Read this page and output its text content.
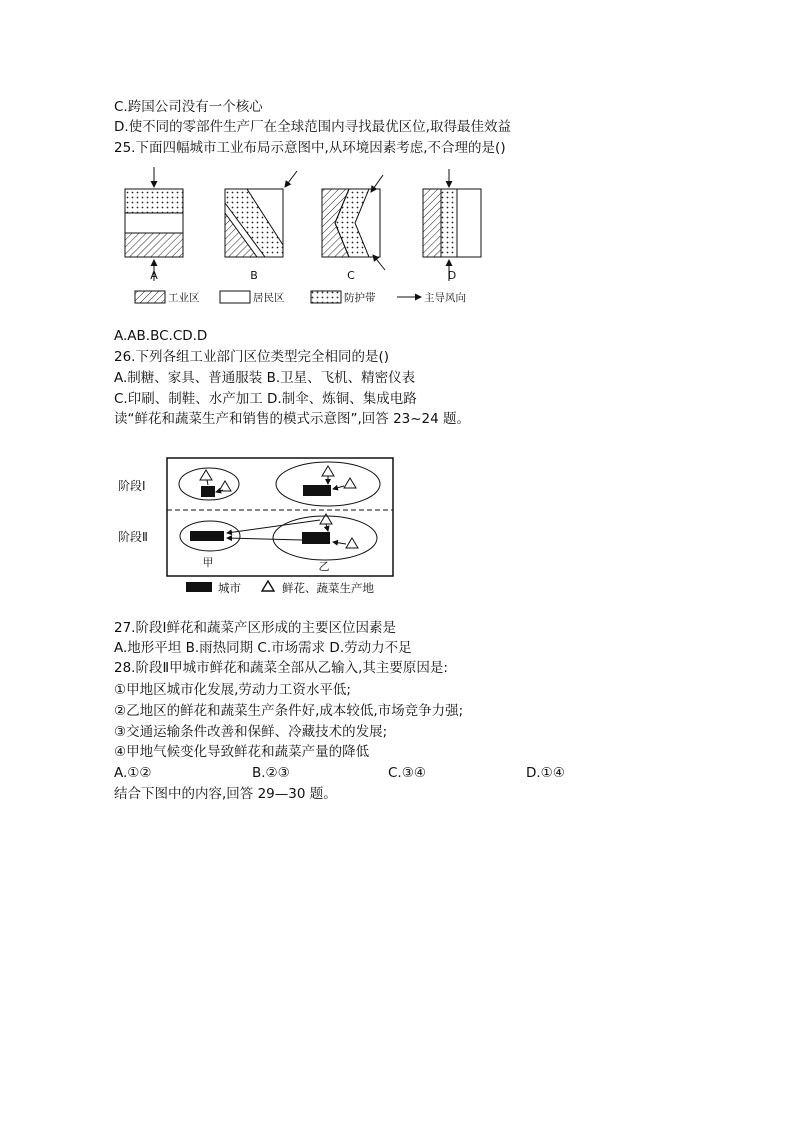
C.跨国公司没有一个核心
D.使不同的零部件生产厂在全球范围内寻找最优区位,取得最佳效益
25.下面四幅城市工业布局示意图中,从环境因素考虑,不合理的是()
A	B	C	D
工业区	居民区	防护带	主导风向
A.AB.BC.CD.D
26.下列各组工业部门区位类型完全相同的是()
A.制糖、家具、普通服装 B.卫星、飞机、精密仪表
C.印刷、制鞋、水产加工 D.制伞、炼铜、集成电路
读“鲜花和蔬菜生产和销售的模式示意图”,回答 23~24 题。
阶段Ⅰ
阶段Ⅱ
甲	乙
城市	鲜花、蔬菜生产地
27.阶段Ⅰ鲜花和蔬菜产区形成的主要区位因素是
A.地形平坦 B.雨热同期 C.市场需求 D.劳动力不足
28.阶段Ⅱ甲城市鲜花和蔬菜全部从乙输入,其主要原因是:
①甲地区城市化发展,劳动力工资水平低;
②乙地区的鲜花和蔬菜生产条件好,成本较低,市场竞争力强;
③交通运输条件改善和保鲜、冷藏技术的发展;
④甲地气候变化导致鲜花和蔬菜产量的降低
A.①②	B.②③	C.③④	D.①④
结合下图中的内容,回答 29—30 题。
